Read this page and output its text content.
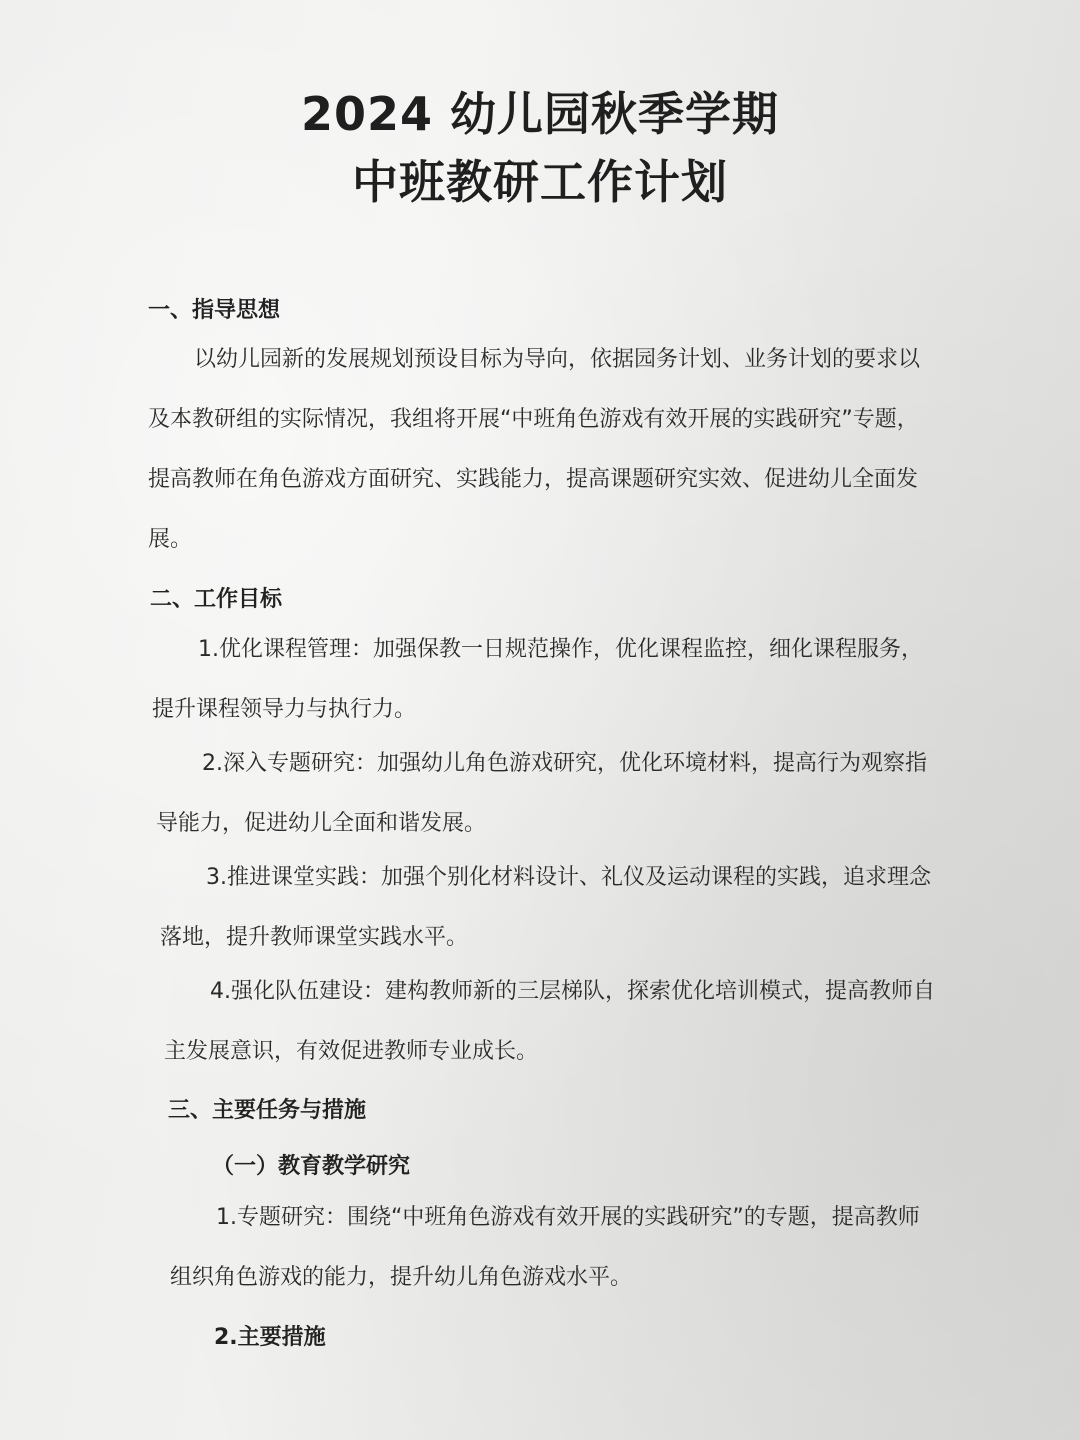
2024 幼儿园秋季学期
中班教研工作计划
一、指导思想
以幼儿园新的发展规划预设目标为导向，依据园务计划、业务计划的要求以
及本教研组的实际情况，我组将开展“中班角色游戏有效开展的实践研究”专题，
提高教师在角色游戏方面研究、实践能力，提高课题研究实效、促进幼儿全面发
展。
二、工作目标
1.优化课程管理：加强保教一日规范操作，优化课程监控，细化课程服务，
提升课程领导力与执行力。
2.深入专题研究：加强幼儿角色游戏研究，优化环境材料，提高行为观察指
导能力，促进幼儿全面和谐发展。
3.推进课堂实践：加强个别化材料设计、礼仪及运动课程的实践，追求理念
落地，提升教师课堂实践水平。
4.强化队伍建设：建构教师新的三层梯队，探索优化培训模式，提高教师自
主发展意识，有效促进教师专业成长。
三、主要任务与措施
（一）教育教学研究
1.专题研究：围绕“中班角色游戏有效开展的实践研究”的专题，提高教师
组织角色游戏的能力，提升幼儿角色游戏水平。
2.主要措施
